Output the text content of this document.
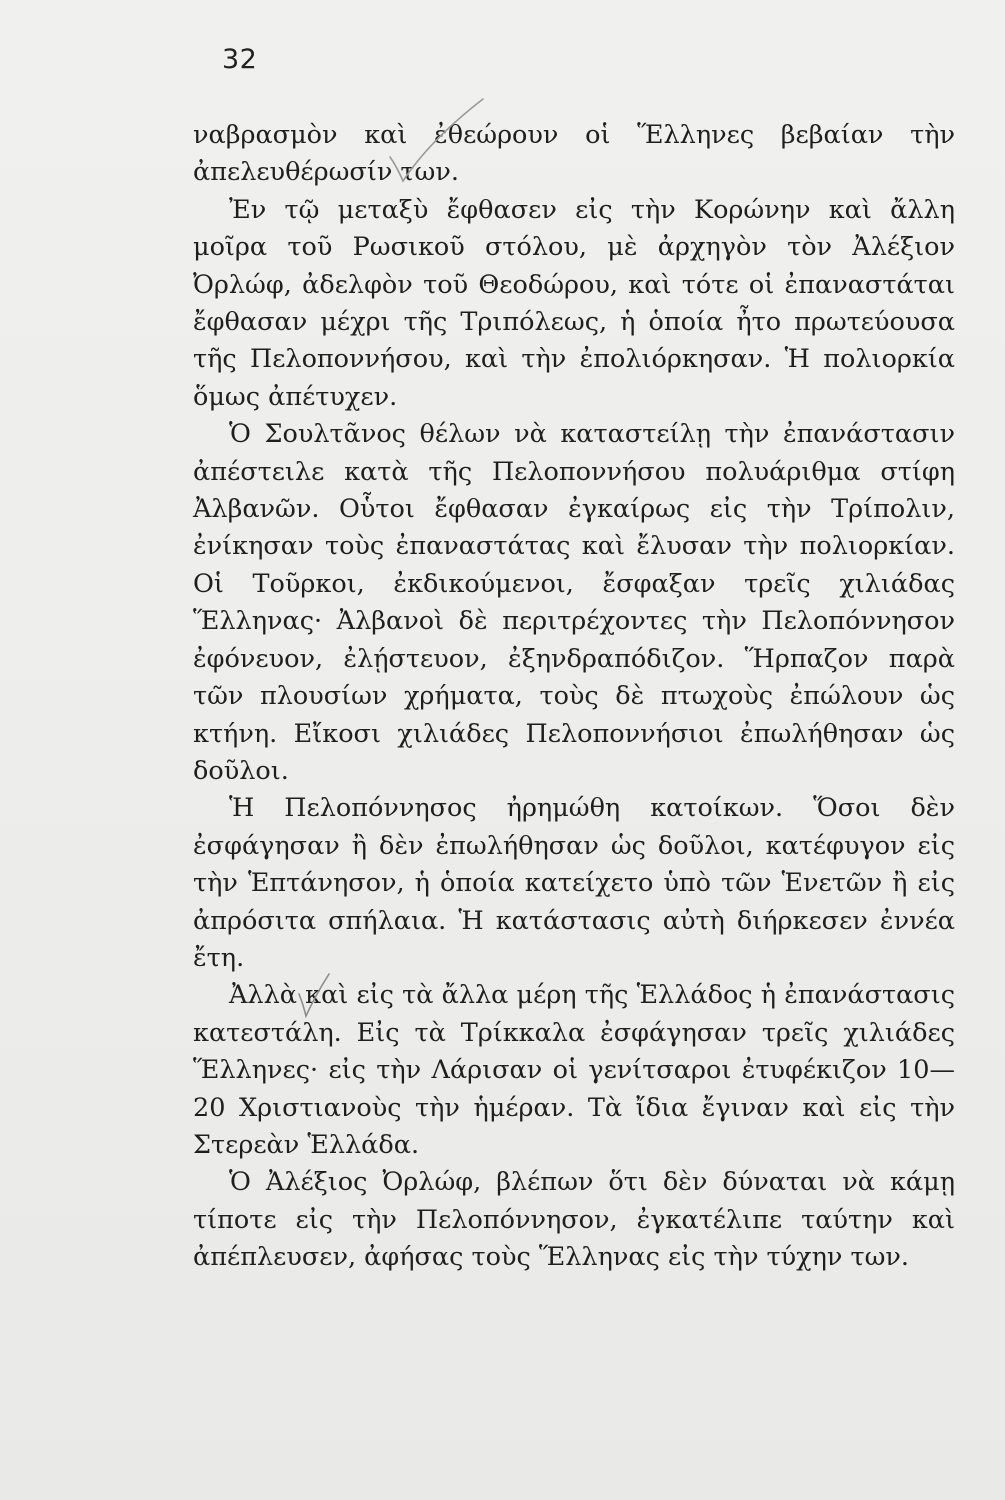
32

ναβρασμὸν καὶ ἐθεώρουν οἱ Ἕλληνες βεβαίαν τὴν ἀπελευθέρωσίν των.

Ἐν τῷ μεταξὺ ἔφθασεν εἰς τὴν Κορώνην καὶ ἄλλη μοῖρα τοῦ Ρωσικοῦ στόλου, μὲ ἀρχηγὸν τὸν Ἀλέξιον Ὀρλώφ, ἀδελφὸν τοῦ Θεοδώρου, καὶ τότε οἱ ἐπαναστάται ἔφθασαν μέχρι τῆς Τριπόλεως, ἡ ὁποία ἦτο πρωτεύουσα τῆς Πελοποννήσου, καὶ τὴν ἐπολιόρκησαν. Ἡ πολιορκία ὅμως ἀπέτυχεν.

Ὁ Σουλτᾶνος θέλων νὰ καταστείλῃ τὴν ἐπανάστασιν ἀπέστειλε κατὰ τῆς Πελοποννήσου πολυάριθμα στίφη Ἀλβανῶν. Οὗτοι ἔφθασαν ἐγκαίρως εἰς τὴν Τρίπολιν, ἐνίκησαν τοὺς ἐπαναστάτας καὶ ἔλυσαν τὴν πολιορκίαν. Οἱ Τοῦρκοι, ἐκδικούμενοι, ἔσφαξαν τρεῖς χιλιάδας Ἕλληνας· Ἀλβανοὶ δὲ περιτρέχοντες τὴν Πελοπόννησον ἐφόνευον, ἐλῄστευον, ἐξηνδραπόδιζον. Ἥρπαζον παρὰ τῶν πλουσίων χρήματα, τοὺς δὲ πτωχοὺς ἐπώλουν ὡς κτήνη. Εἴκοσι χιλιάδες Πελοποννήσιοι ἐπωλήθησαν ὡς δοῦλοι.

Ἡ Πελοπόννησος ἠρημώθη κατοίκων. Ὅσοι δὲν ἐσφάγησαν ἢ δὲν ἐπωλήθησαν ὡς δοῦλοι, κατέφυγον εἰς τὴν Ἑπτάνησον, ἡ ὁποία κατείχετο ὑπὸ τῶν Ἑνετῶν ἢ εἰς ἀπρόσιτα σπήλαια. Ἡ κατάστασις αὐτὴ διήρκεσεν ἐννέα ἔτη.

Ἀλλὰ καὶ εἰς τὰ ἄλλα μέρη τῆς Ἑλλάδος ἡ ἐπανάστασις κατεστάλη. Εἰς τὰ Τρίκκαλα ἐσφάγησαν τρεῖς χιλιάδες Ἕλληνες· εἰς τὴν Λάρισαν οἱ γενίτσαροι ἐτυφέκιζον 10—20 Χριστιανοὺς τὴν ἡμέραν. Τὰ ἴδια ἔγιναν καὶ εἰς τὴν Στερεὰν Ἑλλάδα.

Ὁ Ἀλέξιος Ὀρλώφ, βλέπων ὅτι δὲν δύναται νὰ κάμῃ τίποτε εἰς τὴν Πελοπόννησον, ἐγκατέλιπε ταύτην καὶ ἀπέπλευσεν, ἀφήσας τοὺς Ἕλληνας εἰς τὴν τύχην των.
